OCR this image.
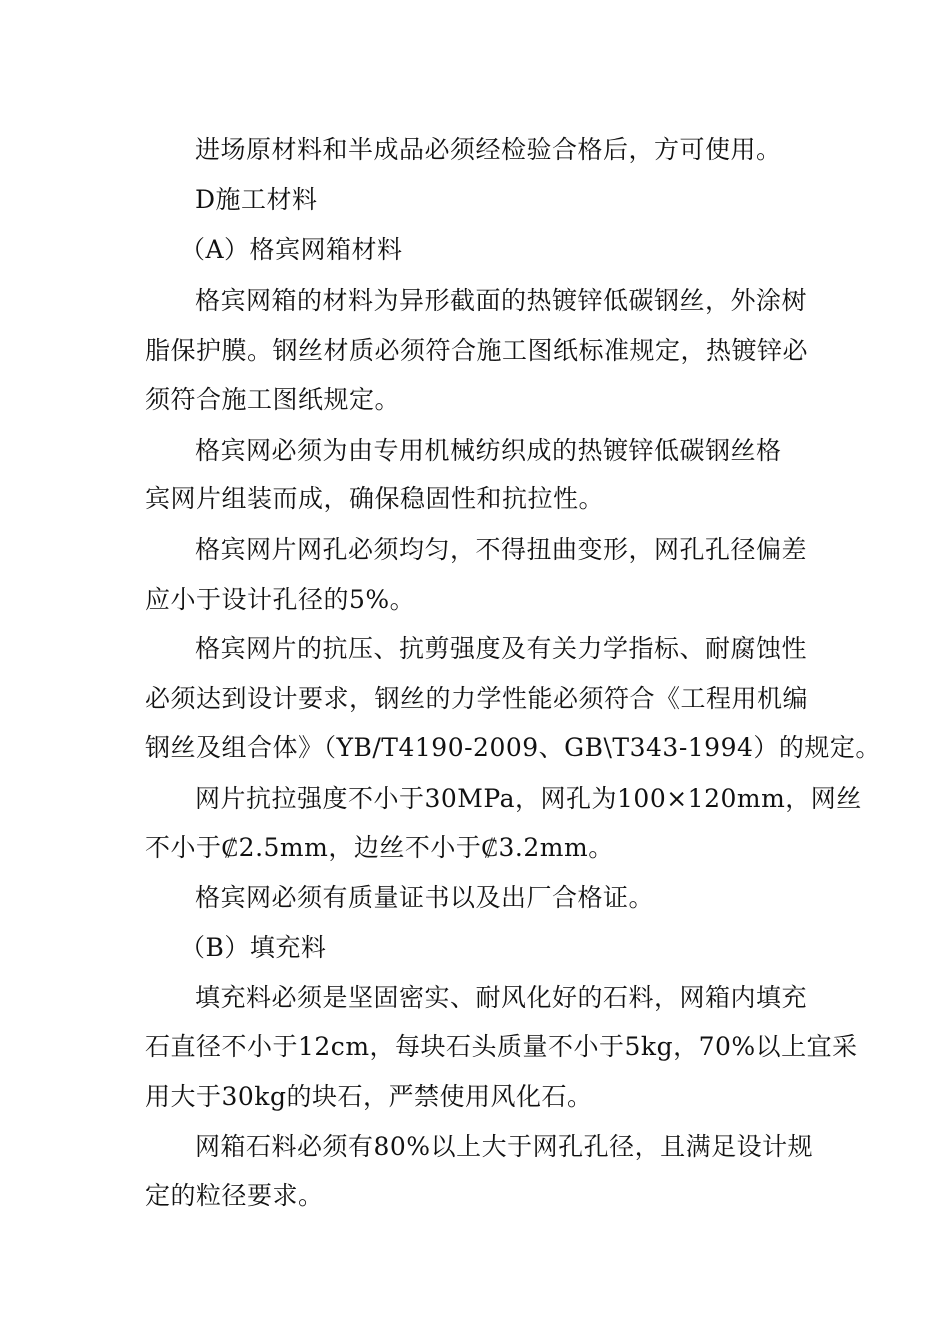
进场原材料和半成品必须经检验合格后，方可使用。
D施工材料
（A）格宾网箱材料
格宾网箱的材料为异形截面的热镀锌低碳钢丝，外涂树
脂保护膜。钢丝材质必须符合施工图纸标准规定，热镀锌必
须符合施工图纸规定。
格宾网必须为由专用机械纺织成的热镀锌低碳钢丝格
宾网片组装而成，确保稳固性和抗拉性。
格宾网片网孔必须均匀，不得扭曲变形，网孔孔径偏差
应小于设计孔径的5%。
格宾网片的抗压、抗剪强度及有关力学指标、耐腐蚀性
必须达到设计要求，钢丝的力学性能必须符合《工程用机编
钢丝及组合体》（YB/T4190-2009、GB\T343-1994）的规定。
网片抗拉强度不小于30MPa，网孔为100×120mm，网丝
不小于₡2.5mm，边丝不小于₡3.2mm。
格宾网必须有质量证书以及出厂合格证。
（B）填充料
填充料必须是坚固密实、耐风化好的石料，网箱内填充
石直径不小于12cm，每块石头质量不小于5kg，70%以上宜采
用大于30kg的块石，严禁使用风化石。
网箱石料必须有80%以上大于网孔孔径，且满足设计规
定的粒径要求。
